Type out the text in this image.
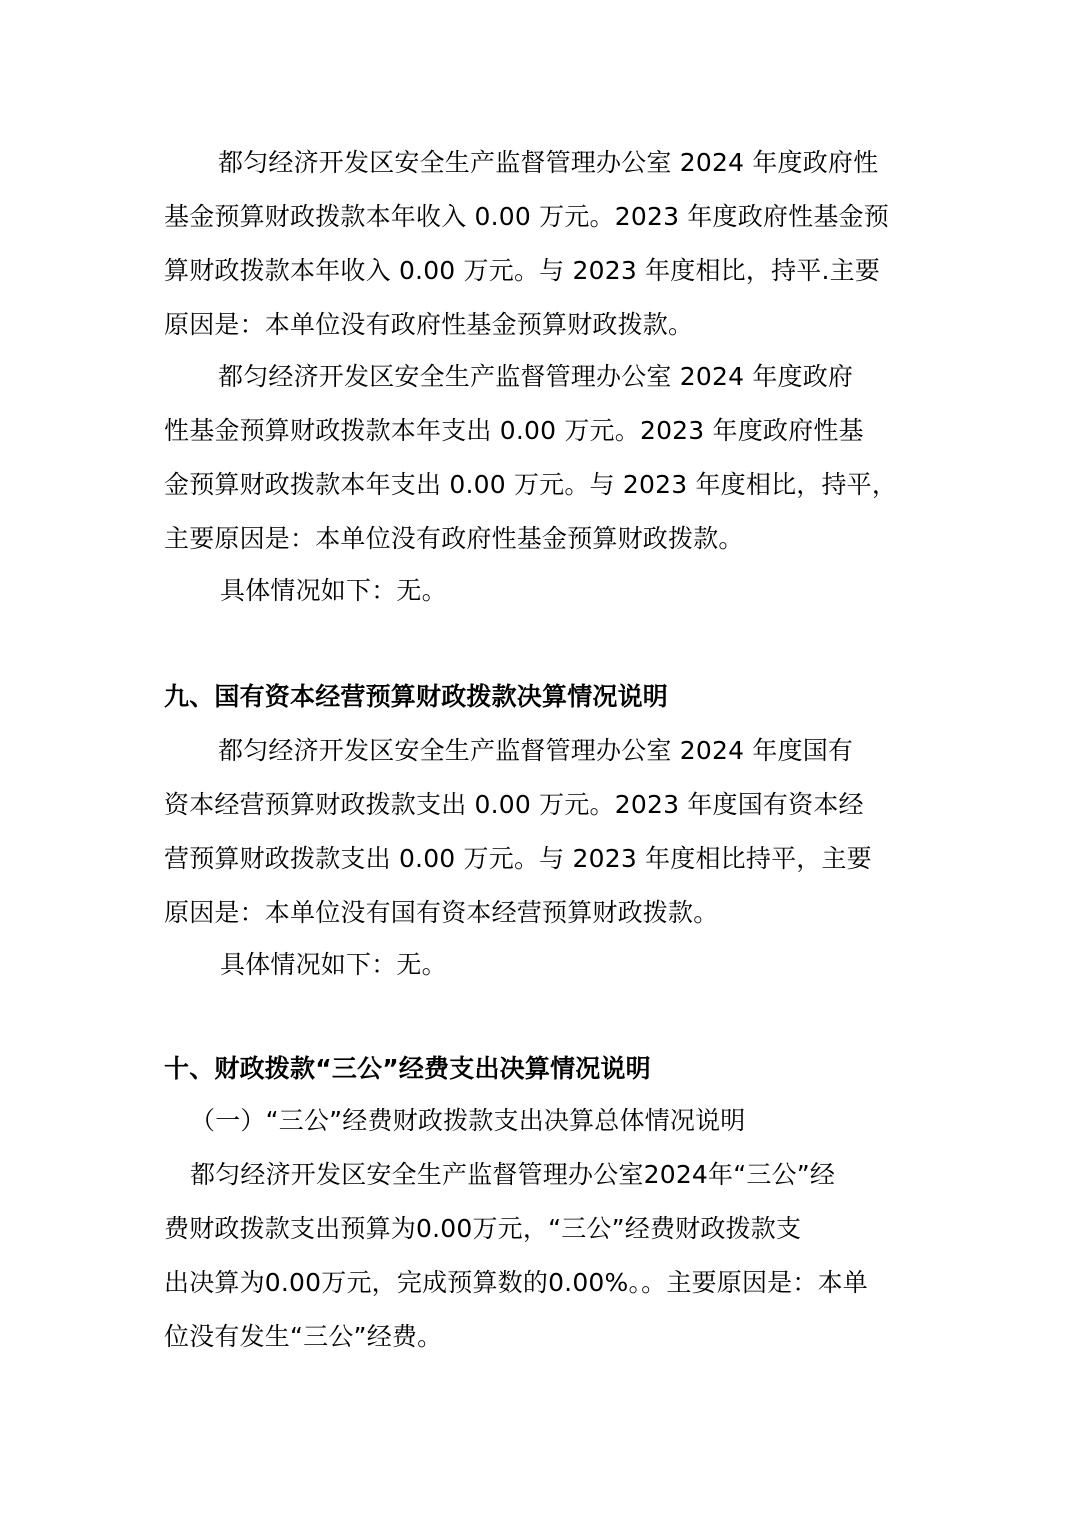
都匀经济开发区安全生产监督管理办公室 2024 年度政府性
基金预算财政拨款本年收入 0.00 万元。2023 年度政府性基金预
算财政拨款本年收入 0.00 万元。与 2023 年度相比，持平.主要
原因是：本单位没有政府性基金预算财政拨款。
都匀经济开发区安全生产监督管理办公室 2024 年度政府
性基金预算财政拨款本年支出 0.00 万元。2023 年度政府性基
金预算财政拨款本年支出 0.00 万元。与 2023 年度相比，持平，
主要原因是：本单位没有政府性基金预算财政拨款。
具体情况如下：无。
九、国有资本经营预算财政拨款决算情况说明
都匀经济开发区安全生产监督管理办公室 2024 年度国有
资本经营预算财政拨款支出 0.00 万元。2023 年度国有资本经
营预算财政拨款支出 0.00 万元。与 2023 年度相比持平，主要
原因是：本单位没有国有资本经营预算财政拨款。
具体情况如下：无。
十、财政拨款“三公”经费支出决算情况说明
（一）“三公”经费财政拨款支出决算总体情况说明
都匀经济开发区安全生产监督管理办公室2024年“三公”经
费财政拨款支出预算为0.00万元，“三公”经费财政拨款支
出决算为0.00万元，完成预算数的0.00%。。主要原因是：本单
位没有发生“三公”经费。
